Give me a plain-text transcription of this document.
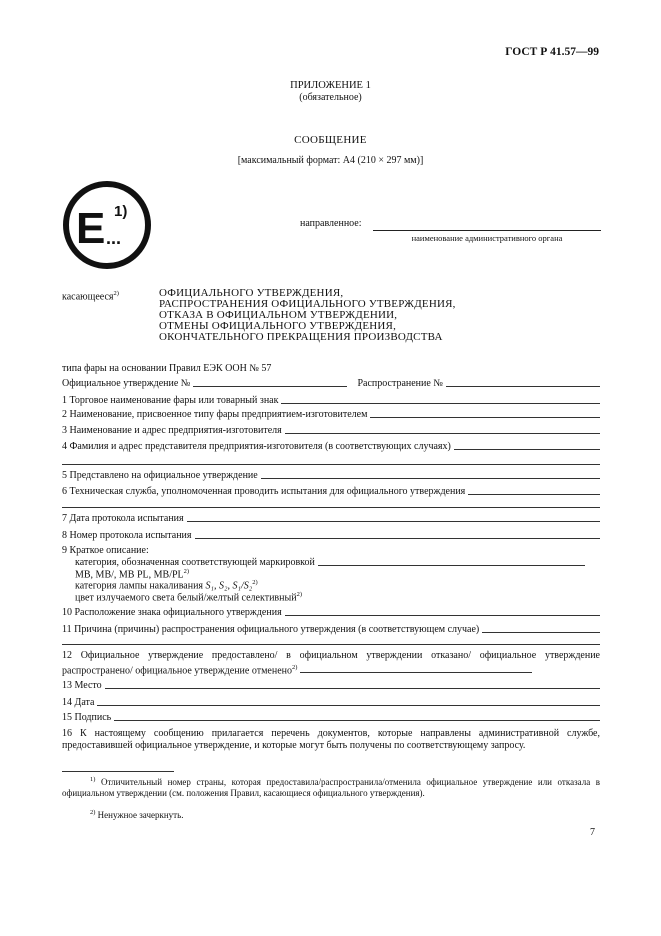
ГОСТ Р 41.57—99
ПРИЛОЖЕНИЕ 1
(обязательное)
СООБЩЕНИЕ
[максимальный формат: А4 (210 × 297 мм)]
E ...
1)
направленное:
наименование административного органа
касающееся$^{2)}$	ОФИЦИАЛЬНОГО УТВЕРЖДЕНИЯ,
РАСПРОСТРАНЕНИЯ ОФИЦИАЛЬНОГО УТВЕРЖДЕНИЯ,
ОТКАЗА В ОФИЦИАЛЬНОМ УТВЕРЖДЕНИИ,
ОТМЕНЫ ОФИЦИАЛЬНОГО УТВЕРЖДЕНИЯ,
ОКОНЧАТЕЛЬНОГО ПРЕКРАЩЕНИЯ ПРОИЗВОДСТВА
типа фары на основании Правил ЕЭК ООН № 57
Официальное утверждение №	Распространение №
1 Торговое наименование фары или товарный знак
2 Наименование, присвоенное типу фары предприятием-изготовителем
3 Наименование и адрес предприятия-изготовителя
4 Фамилия и адрес представителя предприятия-изготовителя (в соответствующих случаях)
5 Представлено на официальное утверждение
6 Техническая служба, уполномоченная проводить испытания для официального утверждения
7 Дата протокола испытания
8 Номер протокола испытания
9 Краткое описание:
категория, обозначенная соответствующей маркировкой
MB, MB/, MB PL, MB/PL$^{2)}$
категория лампы накаливания S₁, S₂, S₁/S₂$^{2)}$
цвет излучаемого света белый/желтый селективный$^{2)}$
10 Расположение знака официального утверждения
11 Причина (причины) распространения официального утверждения (в соответствующем случае)
12 Официальное утверждение предоставлено/ в официальном утверждении отказано/ официальное утверждение распространено/ официальное утверждение отменено$^{2)}$
13 Место
14 Дата
15 Подпись
16 К настоящему сообщению прилагается перечень документов, которые направлены административной службе, предоставившей официальное утверждение, и которые могут быть получены по соответствующему запросу.
$^{1)}$ Отличительный номер страны, которая предоставила/распространила/отменила официальное утверждение или отказала в официальном утверждении (см. положения Правил, касающиеся официального утверждения).
$^{2)}$ Ненужное зачеркнуть.
7
